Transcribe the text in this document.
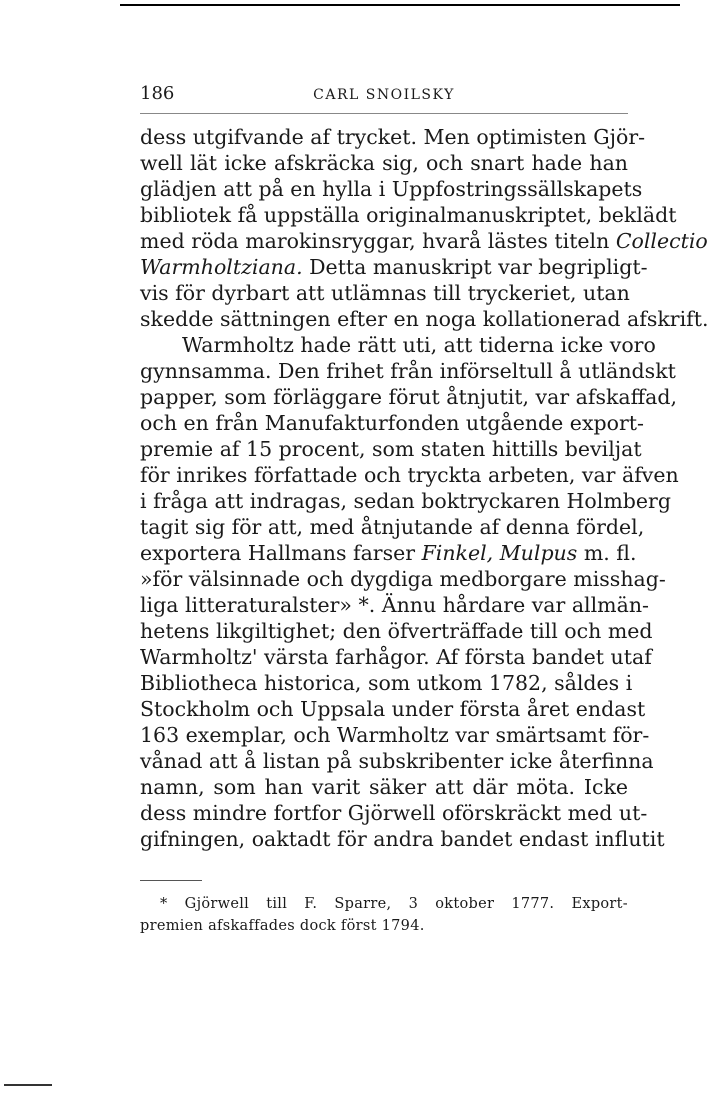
186	CARL SNOILSKY
dess utgifvande af trycket. Men optimisten Gjör-
well lät icke afskräcka sig, och snart hade han
glädjen att på en hylla i Uppfostringssällskapets
bibliotek få uppställa originalmanuskriptet, beklädt
med röda marokinsryggar, hvarå lästes titeln Collectio
Warmholtziana. Detta manuskript var begripligt-
vis för dyrbart att utlämnas till tryckeriet, utan
skedde sättningen efter en noga kollationerad afskrift.
Warmholtz hade rätt uti, att tiderna icke voro
gynnsamma. Den frihet från införseltull å utländskt
papper, som förläggare förut åtnjutit, var afskaffad,
och en från Manufakturfonden utgående export-
premie af 15 procent, som staten hittills beviljat
för inrikes författade och tryckta arbeten, var äfven
i fråga att indragas, sedan boktryckaren Holmberg
tagit sig för att, med åtnjutande af denna fördel,
exportera Hallmans farser Finkel, Mulpus m. fl.
»för välsinnade och dygdiga medborgare misshag-
liga litteraturalster» *. Ännu hårdare var allmän-
hetens likgiltighet; den öfverträffade till och med
Warmholtz' värsta farhågor. Af första bandet utaf
Bibliotheca historica, som utkom 1782, såldes i
Stockholm och Uppsala under första året endast
163 exemplar, och Warmholtz var smärtsamt för-
vånad att å listan på subskribenter icke återfinna
namn, som han varit säker att där möta. Icke
dess mindre fortfor Gjörwell oförskräckt med ut-
gifningen, oaktadt för andra bandet endast influtit
* Gjörwell till F. Sparre, 3 oktober 1777. Export-
premien afskaffades dock först 1794.
